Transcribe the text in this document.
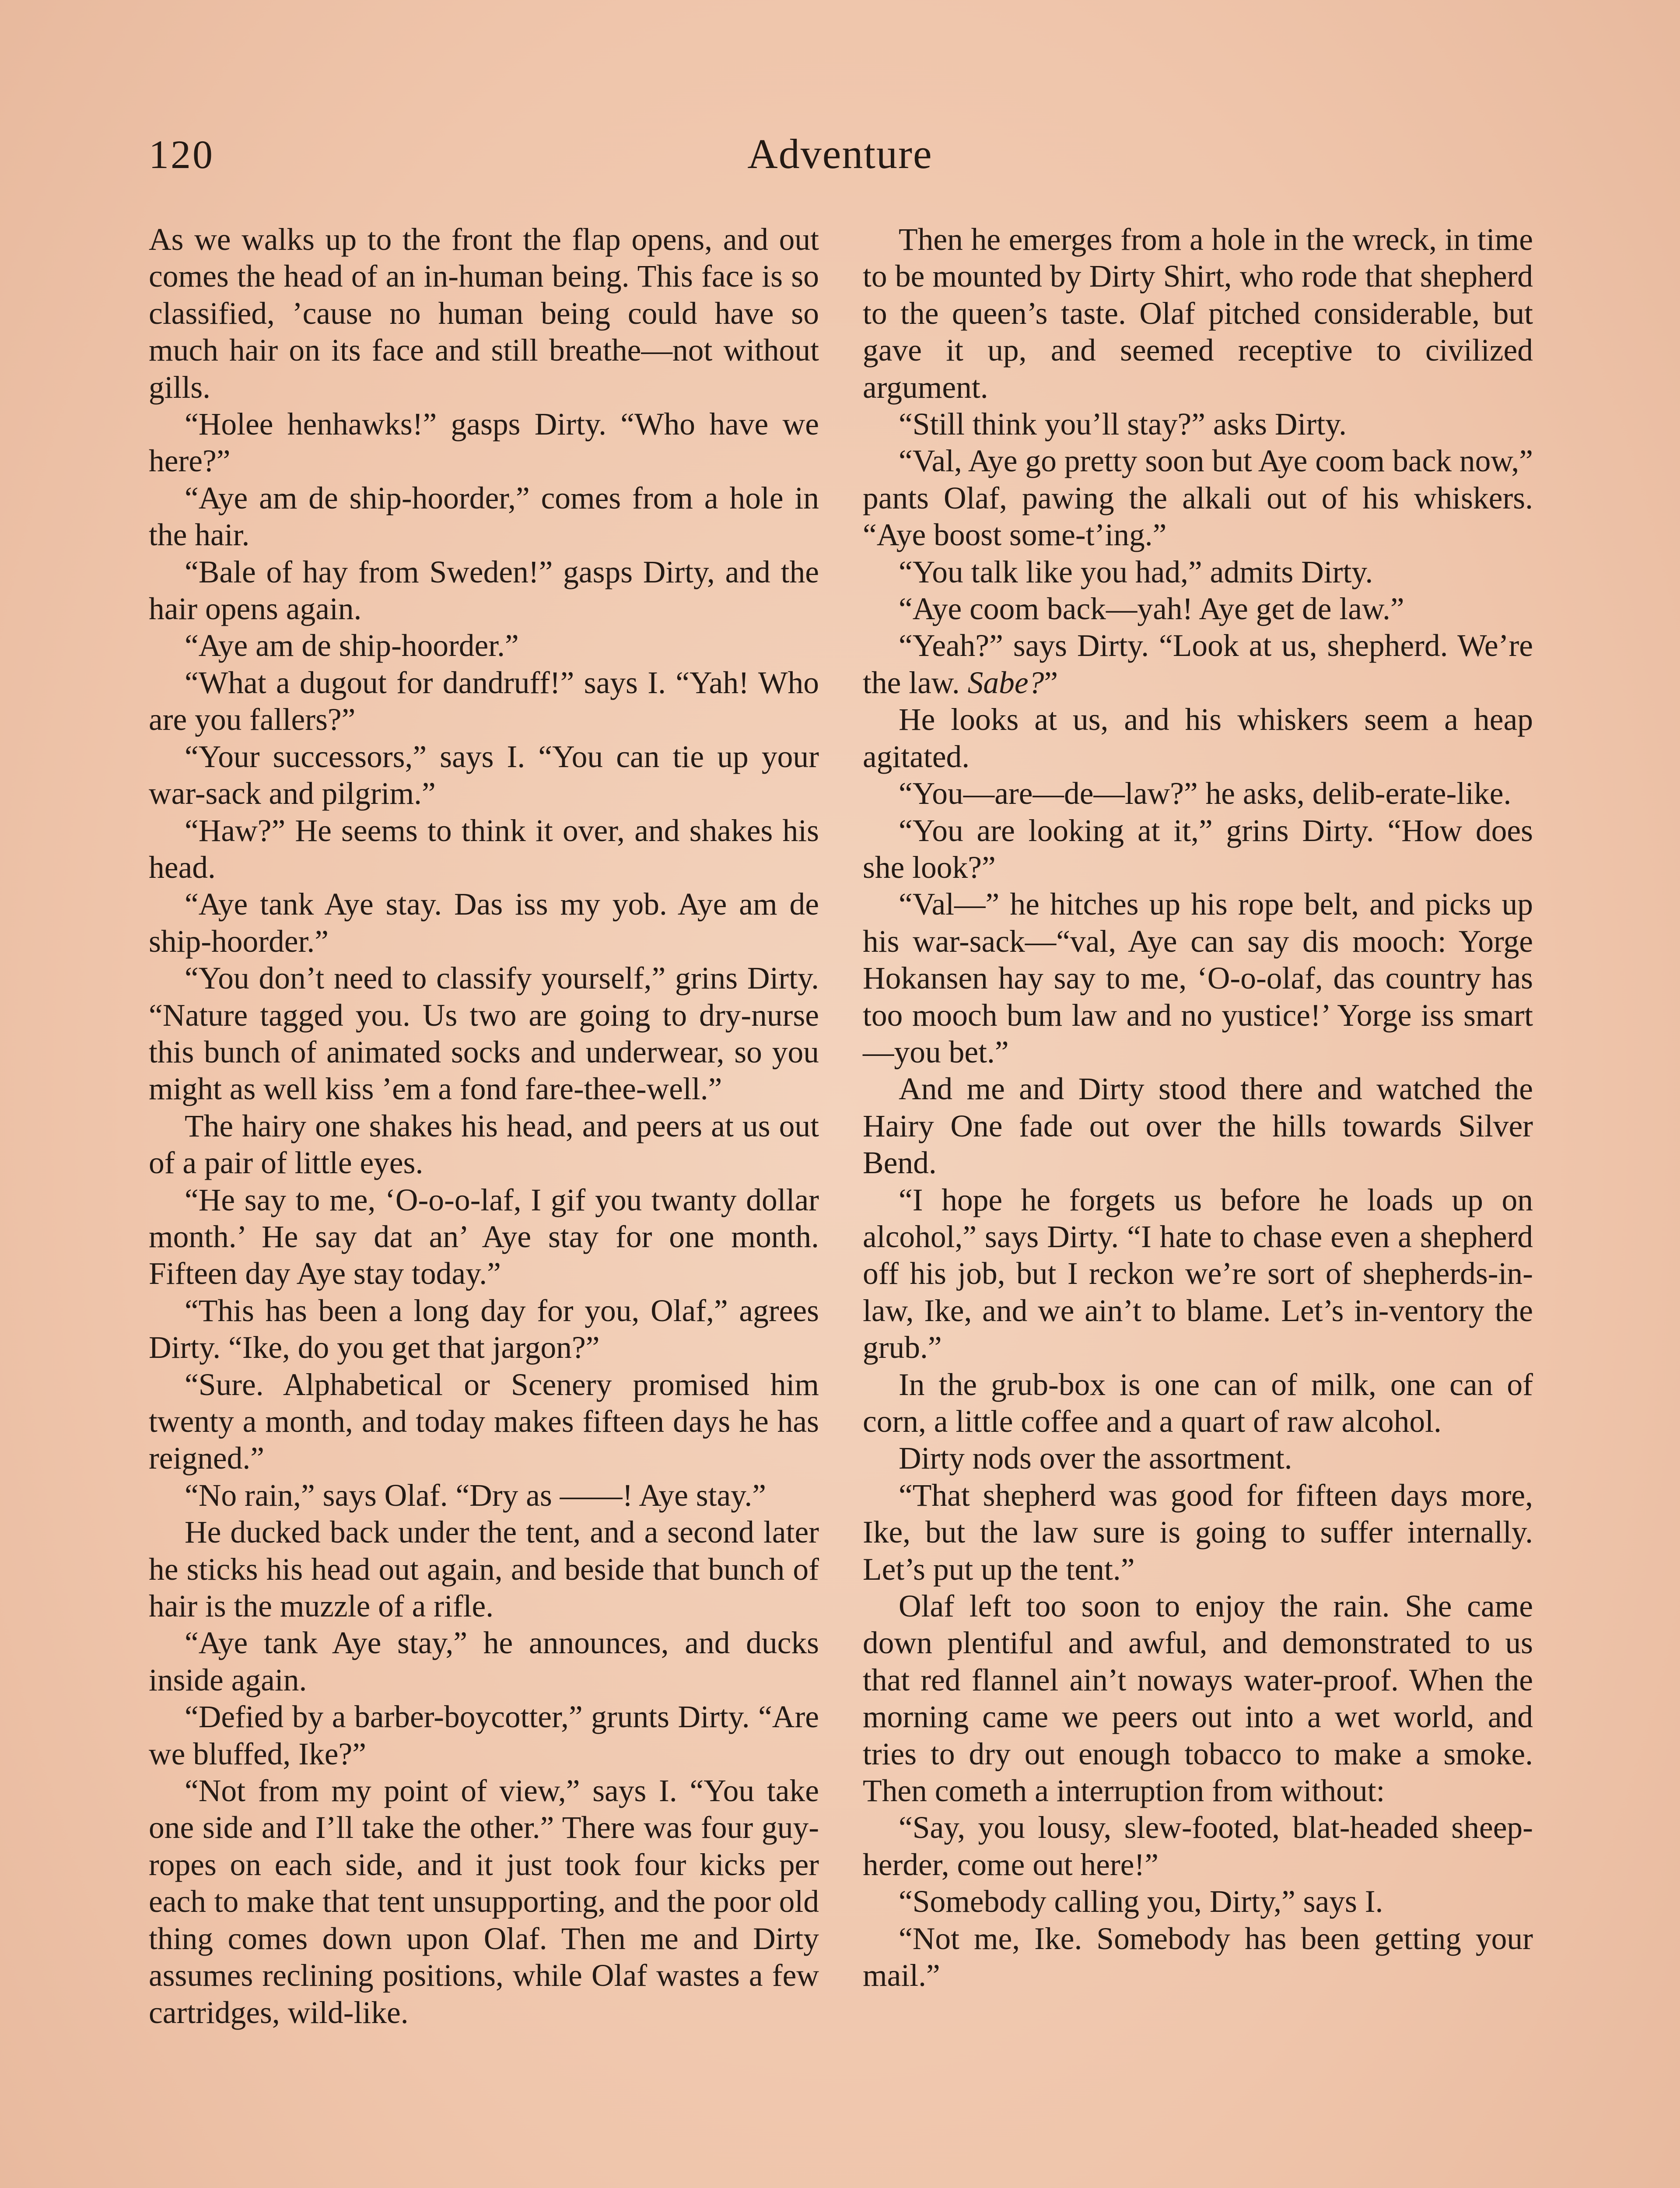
120	Adventure

As we walks up to the front the flap opens, and out comes the head of an in-human being. This face is so classified, ’cause no human being could have so much hair on its face and still breathe—not without gills.

“Holee henhawks!” gasps Dirty. “Who have we here?”

“Aye am de ship-hoorder,” comes from a hole in the hair.

“Bale of hay from Sweden!” gasps Dirty, and the hair opens again.

“Aye am de ship-hoorder.”

“What a dugout for dandruff!” says I. “Yah! Who are you fallers?”

“Your successors,” says I. “You can tie up your war-sack and pilgrim.”

“Haw?” He seems to think it over, and shakes his head.

“Aye tank Aye stay. Das iss my yob. Aye am de ship-hoorder.”

“You don’t need to classify yourself,” grins Dirty. “Nature tagged you. Us two are going to dry-nurse this bunch of animated socks and underwear, so you might as well kiss ’em a fond fare-thee-well.”

The hairy one shakes his head, and peers at us out of a pair of little eyes.

“He say to me, ‘O-o-o-laf, I gif you twanty dollar month.’ He say dat an’ Aye stay for one month. Fifteen day Aye stay today.”

“This has been a long day for you, Olaf,” agrees Dirty. “Ike, do you get that jargon?”

“Sure. Alphabetical or Scenery promised him twenty a month, and today makes fifteen days he has reigned.”

“No rain,” says Olaf. “Dry as ——! Aye stay.”

He ducked back under the tent, and a second later he sticks his head out again, and beside that bunch of hair is the muzzle of a rifle.

“Aye tank Aye stay,” he announces, and ducks inside again.

“Defied by a barber-boycotter,” grunts Dirty. “Are we bluffed, Ike?”

“Not from my point of view,” says I. “You take one side and I’ll take the other.” There was four guy-ropes on each side, and it just took four kicks per each to make that tent unsupporting, and the poor old thing comes down upon Olaf. Then me and Dirty assumes reclining positions, while Olaf wastes a few cartridges, wild-like.

Then he emerges from a hole in the wreck, in time to be mounted by Dirty Shirt, who rode that shepherd to the queen’s taste. Olaf pitched considerable, but gave it up, and seemed receptive to civilized argument.

“Still think you’ll stay?” asks Dirty.

“Val, Aye go pretty soon but Aye coom back now,” pants Olaf, pawing the alkali out of his whiskers. “Aye boost some-t’ing.”

“You talk like you had,” admits Dirty.

“Aye coom back—yah! Aye get de law.”

“Yeah?” says Dirty. “Look at us, shepherd. We’re the law. Sabe?”

He looks at us, and his whiskers seem a heap agitated.

“You—are—de—law?” he asks, delib-erate-like.

“You are looking at it,” grins Dirty. “How does she look?”

“Val—” he hitches up his rope belt, and picks up his war-sack—“val, Aye can say dis mooch: Yorge Hokansen hay say to me, ‘O-o-olaf, das country has too mooch bum law and no yustice!’ Yorge iss smart—you bet.”

And me and Dirty stood there and watched the Hairy One fade out over the hills towards Silver Bend.

“I hope he forgets us before he loads up on alcohol,” says Dirty. “I hate to chase even a shepherd off his job, but I reckon we’re sort of shepherds-in-law, Ike, and we ain’t to blame. Let’s in-ventory the grub.”

In the grub-box is one can of milk, one can of corn, a little coffee and a quart of raw alcohol.

Dirty nods over the assortment.

“That shepherd was good for fifteen days more, Ike, but the law sure is going to suffer internally. Let’s put up the tent.”

Olaf left too soon to enjoy the rain. She came down plentiful and awful, and demonstrated to us that red flannel ain’t noways water-proof. When the morning came we peers out into a wet world, and tries to dry out enough tobacco to make a smoke. Then cometh a interruption from without:

“Say, you lousy, slew-footed, blat-headed sheep-herder, come out here!”

“Somebody calling you, Dirty,” says I.

“Not me, Ike. Somebody has been getting your mail.”
